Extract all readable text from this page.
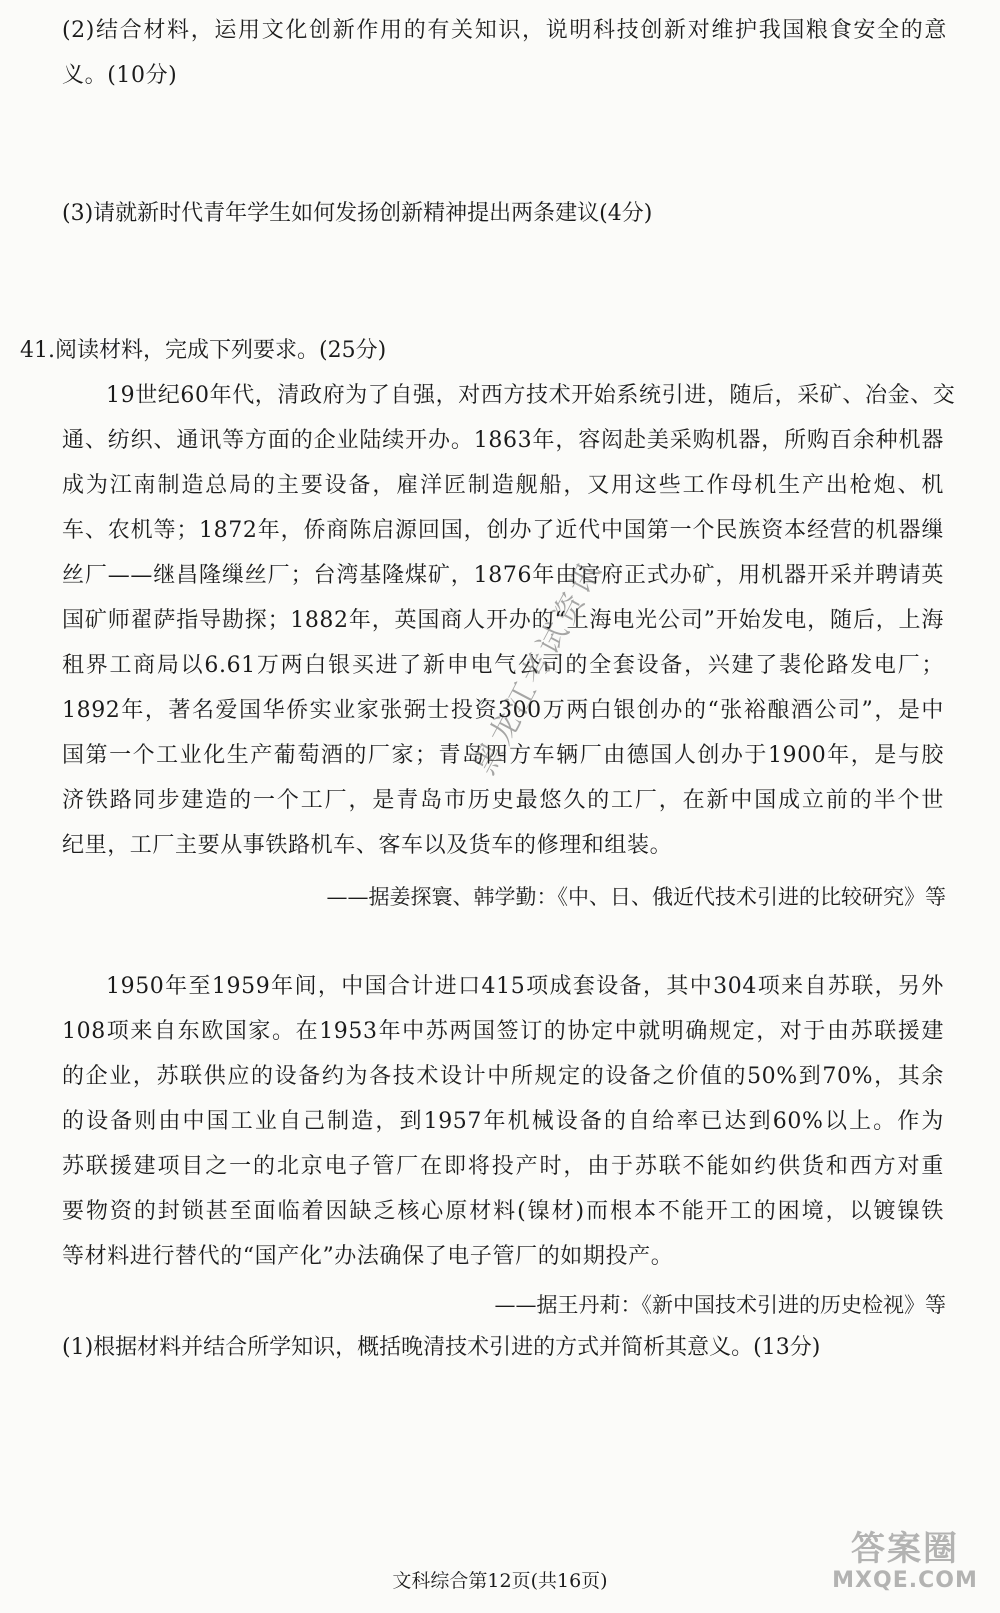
(2)结合材料，运用文化创新作用的有关知识，说明科技创新对维护我国粮食安全的意
义。(10分)
(3)请就新时代青年学生如何发扬创新精神提出两条建议(4分)
41.阅读材料，完成下列要求。(25分)
19世纪60年代，清政府为了自强，对西方技术开始系统引进，随后，采矿、冶金、交
通、纺织、通讯等方面的企业陆续开办。1863年，容闳赴美采购机器，所购百余种机器
成为江南制造总局的主要设备，雇洋匠制造舰船，又用这些工作母机生产出枪炮、机
车、农机等；1872年，侨商陈启源回国，创办了近代中国第一个民族资本经营的机器缫
丝厂——继昌隆缫丝厂；台湾基隆煤矿，1876年由官府正式办矿，用机器开采并聘请英
国矿师翟萨指导勘探；1882年，英国商人开办的“上海电光公司”开始发电，随后，上海
租界工商局以6.61万两白银买进了新申电气公司的全套设备，兴建了裴伦路发电厂；
1892年，著名爱国华侨实业家张弼士投资300万两白银创办的“张裕酿酒公司”，是中
国第一个工业化生产葡萄酒的厂家；青岛四方车辆厂由德国人创办于1900年，是与胶
济铁路同步建造的一个工厂，是青岛市历史最悠久的工厂，在新中国成立前的半个世
纪里，工厂主要从事铁路机车、客车以及货车的修理和组装。
——据姜探寰、韩学勤：《中、日、俄近代技术引进的比较研究》等
1950年至1959年间，中国合计进口415项成套设备，其中304项来自苏联，另外
108项来自东欧国家。在1953年中苏两国签订的协定中就明确规定，对于由苏联援建
的企业，苏联供应的设备约为各技术设计中所规定的设备之价值的50%到70%，其余
的设备则由中国工业自己制造，到1957年机械设备的自给率已达到60%以上。作为
苏联援建项目之一的北京电子管厂在即将投产时，由于苏联不能如约供货和西方对重
要物资的封锁甚至面临着因缺乏核心原材料(镍材)而根本不能开工的困境，以镀镍铁
等材料进行替代的“国产化”办法确保了电子管厂的如期投产。
——据王丹莉：《新中国技术引进的历史检视》等
(1)根据材料并结合所学知识，概括晚清技术引进的方式并简析其意义。(13分)
黑龙江考试资讯
文科综合第12页(共16页)
答案圈
MXQE.COM
